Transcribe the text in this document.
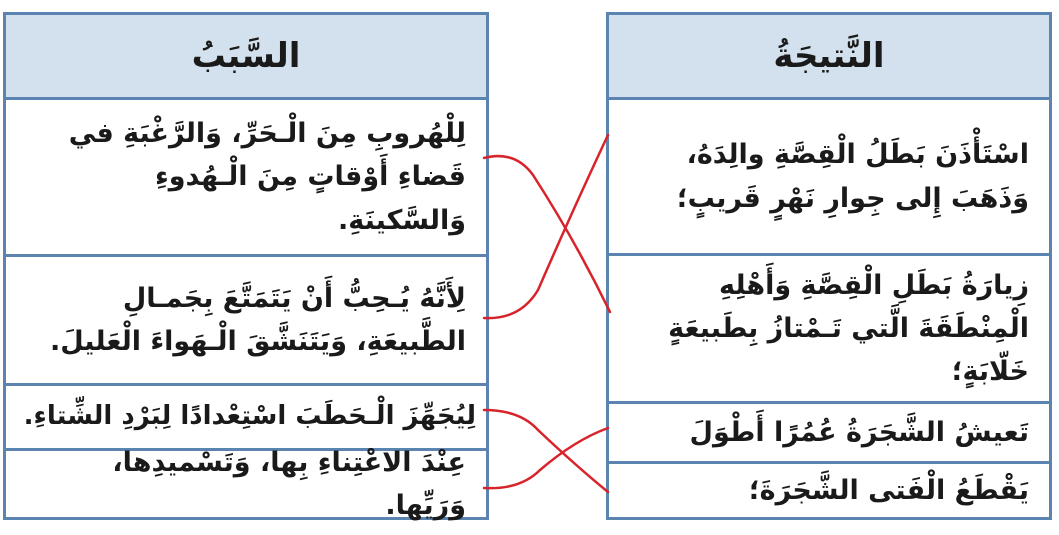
السَّبَبُ
لِلْهُروبِ مِنَ الْـحَرِّ، وَالرَّغْبَةِ في قَضاءِ أَوْقاتٍ مِنَ الْـهُدوءِ وَالسَّكينَةِ.
لِأَنَّهُ يُـحِبُّ أَنْ يَتَمَتَّعَ بِجَمـالِ الطَّبيعَةِ، وَيَتَنَشَّقَ الْـهَواءَ الْعَليلَ.
لِيُجَهِّزَ الْـحَطَبَ اسْتِعْدادًا لِبَرْدِ الشِّتاءِ.
عِنْدَ الاعْتِناءِ بِها، وَتَسْميدِها، وَرَيِّها.
النَّتيجَةُ
اسْتَأْذَنَ بَطَلُ الْقِصَّةِ والِدَهُ، وَذَهَبَ إِلى جِوارِ نَهْرٍ قَريبٍ؛
زِيارَةُ بَطَلِ الْقِصَّةِ وَأَهْلِهِ الْمِنْطَقَةَ الَّتي تَـمْتازُ بِطَبيعَةٍ خَلّابَةٍ؛
تَعيشُ الشَّجَرَةُ عُمُرًا أَطْوَلَ
يَقْطَعُ الْفَتى الشَّجَرَةَ؛
